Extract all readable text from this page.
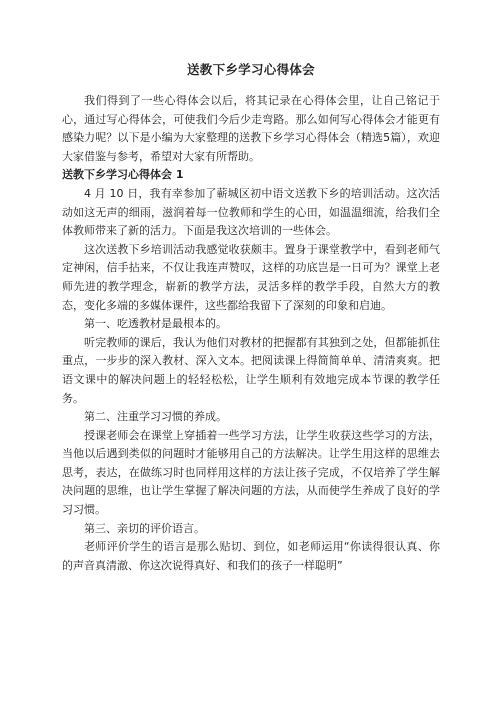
送教下乡学习心得体会

我们得到了一些心得体会以后，将其记录在心得体会里，让自己铭记于心，通过写心得体会，可使我们今后少走弯路。那么如何写心得体会才能更有感染力呢？以下是小编为大家整理的送教下乡学习心得体会（精选5篇），欢迎大家借鉴与参考，希望对大家有所帮助。

送教下乡学习心得体会 1

4 月 10 日，我有幸参加了蕲城区初中语文送教下乡的培训活动。这次活动如这无声的细雨，滋润着每一位教师和学生的心田，如温温细流，给我们全体教师带来了新的活力。下面是我这次培训的一些体会。

这次送教下乡培训活动我感觉收获颇丰。置身于课堂教学中，看到老师气定神闲，信手拈来，不仅让我连声赞叹，这样的功底岂是一日可为？课堂上老师先进的教学理念，崭新的教学方法，灵活多样的教学手段，自然大方的教态，变化多端的多媒体课件，这些都给我留下了深刻的印象和启迪。

第一、吃透教材是最根本的。

听完教师的课后，我认为他们对教材的把握都有其独到之处，但都能抓住重点，一步步的深入教材、深入文本。把阅读课上得简简单单、清清爽爽。把语文课中的解决问题上的轻轻松松，让学生顺利有效地完成本节课的教学任务。

第二、注重学习习惯的养成。

授课老师会在课堂上穿插着一些学习方法，让学生收获这些学习的方法，当他以后遇到类似的问题时才能够用自己的方法解决。让学生用这样的思维去思考，表达，在做练习时也同样用这样的方法让孩子完成，不仅培养了学生解决问题的思维，也让学生掌握了解决问题的方法，从而使学生养成了良好的学习习惯。

第三、亲切的评价语言。

老师评价学生的语言是那么贴切、到位，如老师运用“你读得很认真、你的声音真清澈、你这次说得真好、和我们的孩子一样聪明”
